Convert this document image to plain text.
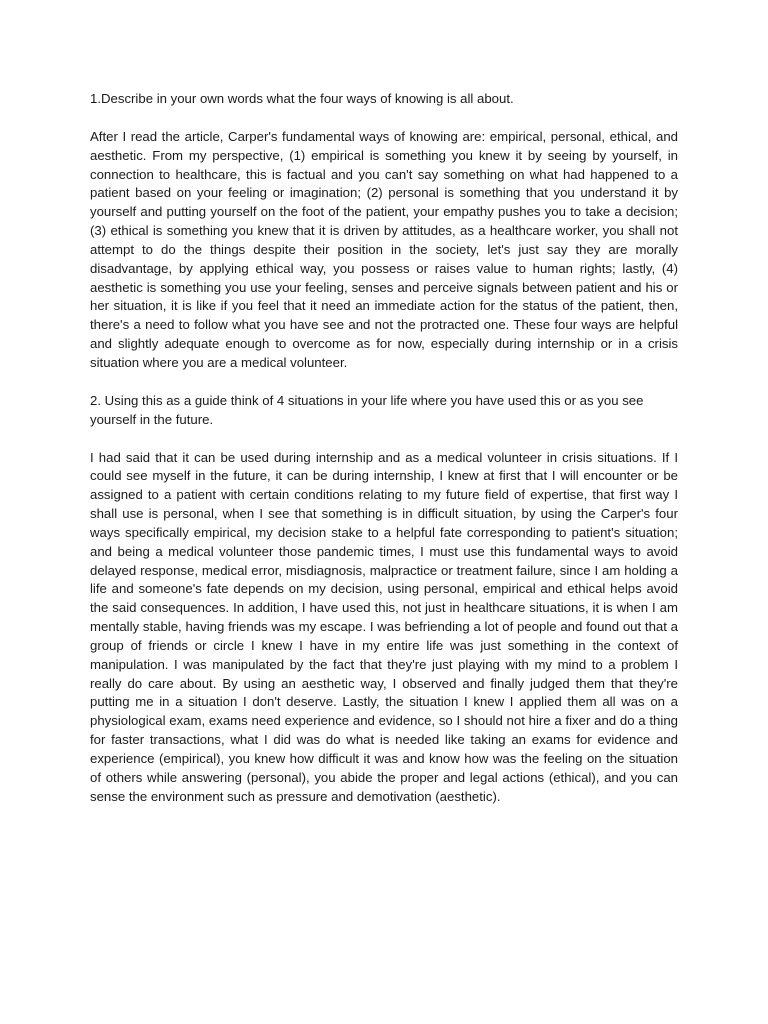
1.Describe in your own words what the four ways of knowing is all about.

After I read the article, Carper's fundamental ways of knowing are: empirical, personal, ethical, and aesthetic. From my perspective, (1) empirical is something you knew it by seeing by yourself, in connection to healthcare, this is factual and you can't say something on what had happened to a patient based on your feeling or imagination; (2) personal is something that you understand it by yourself and putting yourself on the foot of the patient, your empathy pushes you to take a decision; (3) ethical is something you knew that it is driven by attitudes, as a healthcare worker, you shall not attempt to do the things despite their position in the society, let's just say they are morally disadvantage, by applying ethical way, you possess or raises value to human rights; lastly, (4) aesthetic is something you use your feeling, senses and perceive signals between patient and his or her situation, it is like if you feel that it need an immediate action for the status of the patient, then, there's a need to follow what you have see and not the protracted one. These four ways are helpful and slightly adequate enough to overcome as for now, especially during internship or in a crisis situation where you are a medical volunteer.

2. Using this as a guide think of 4 situations in your life where you have used this or as you see yourself in the future.

I had said that it can be used during internship and as a medical volunteer in crisis situations. If I could see myself in the future, it can be during internship, I knew at first that I will encounter or be assigned to a patient with certain conditions relating to my future field of expertise, that first way I shall use is personal, when I see that something is in difficult situation, by using the Carper's four ways specifically empirical, my decision stake to a helpful fate corresponding to patient's situation; and being a medical volunteer those pandemic times, I must use this fundamental ways to avoid delayed response, medical error, misdiagnosis, malpractice or treatment failure, since I am holding a life and someone's fate depends on my decision, using personal, empirical and ethical helps avoid the said consequences. In addition, I have used this, not just in healthcare situations, it is when I am mentally stable, having friends was my escape. I was befriending a lot of people and found out that a group of friends or circle I knew I have in my entire life was just something in the context of manipulation. I was manipulated by the fact that they're just playing with my mind to a problem I really do care about. By using an aesthetic way, I observed and finally judged them that they're putting me in a situation I don't deserve. Lastly, the situation I knew I applied them all was on a physiological exam, exams need experience and evidence, so I should not hire a fixer and do a thing for faster transactions, what I did was do what is needed like taking an exams for evidence and experience (empirical), you knew how difficult it was and know how was the feeling on the situation of others while answering (personal), you abide the proper and legal actions (ethical), and you can sense the environment such as pressure and demotivation (aesthetic).
